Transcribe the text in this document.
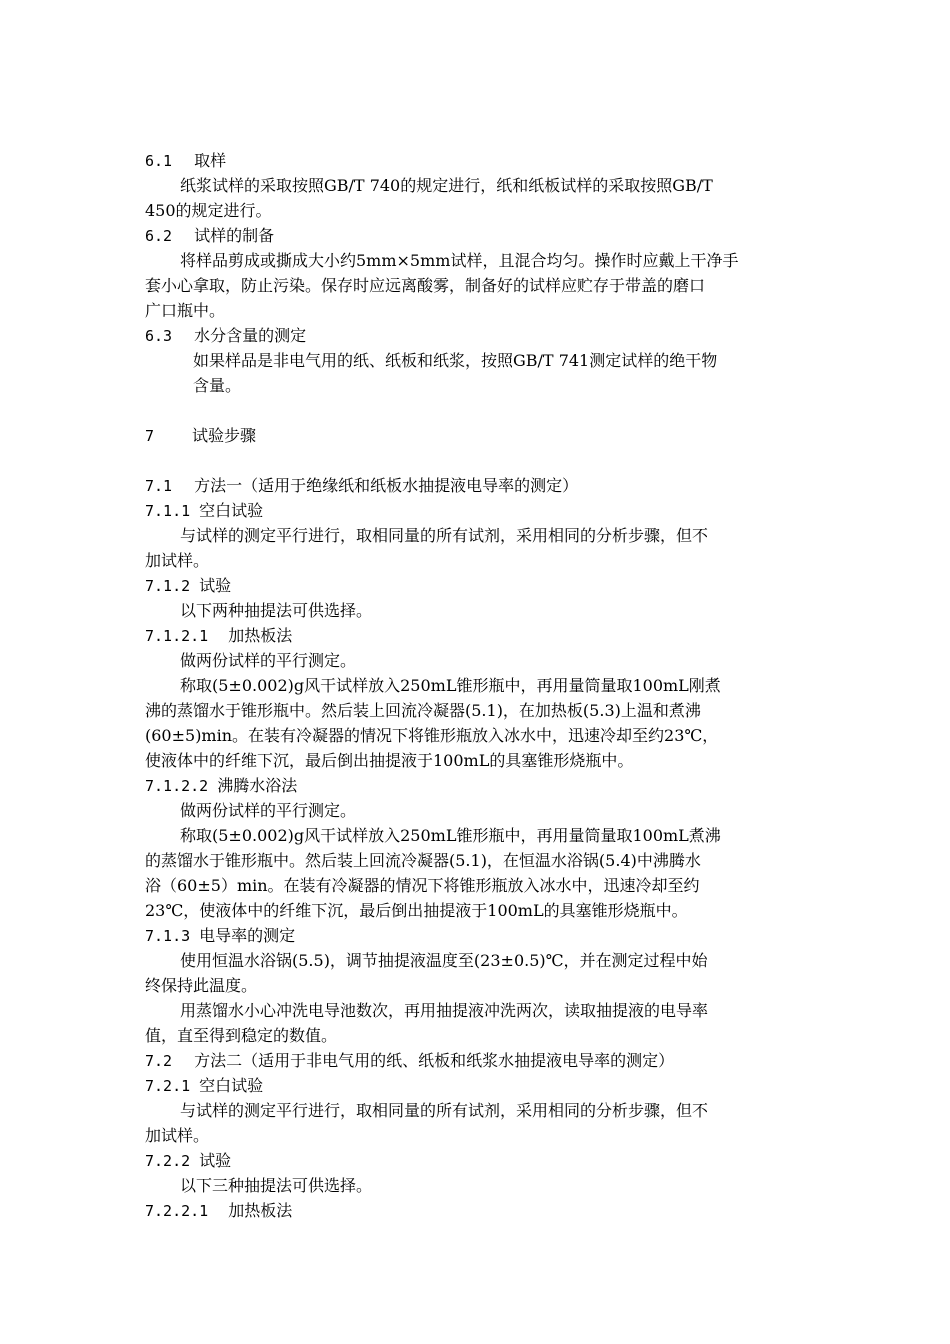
6.1 取样
纸浆试样的采取按照GB/T 740的规定进行，纸和纸板试样的采取按照GB/T
450的规定进行。
6.2 试样的制备
将样品剪成或撕成大小约5mm×5mm试样，且混合均匀。操作时应戴上干净手
套小心拿取，防止污染。保存时应远离酸雾，制备好的试样应贮存于带盖的磨口
广口瓶中。
6.3 水分含量的测定
如果样品是非电气用的纸、纸板和纸浆，按照GB/T 741测定试样的绝干物
含量。
7 试验步骤
7.1 方法一（适用于绝缘纸和纸板水抽提液电导率的测定）
7.1.1 空白试验
与试样的测定平行进行，取相同量的所有试剂，采用相同的分析步骤，但不
加试样。
7.1.2 试验
以下两种抽提法可供选择。
7.1.2.1 加热板法
做两份试样的平行测定。
称取(5±0.002)g风干试样放入250mL锥形瓶中，再用量筒量取100mL刚煮
沸的蒸馏水于锥形瓶中。然后装上回流冷凝器(5.1)，在加热板(5.3)上温和煮沸
(60±5)min。在装有冷凝器的情况下将锥形瓶放入冰水中，迅速冷却至约23℃，
使液体中的纤维下沉，最后倒出抽提液于100mL的具塞锥形烧瓶中。
7.1.2.2 沸腾水浴法
做两份试样的平行测定。
称取(5±0.002)g风干试样放入250mL锥形瓶中，再用量筒量取100mL煮沸
的蒸馏水于锥形瓶中。然后装上回流冷凝器(5.1)，在恒温水浴锅(5.4)中沸腾水
浴（60±5）min。在装有冷凝器的情况下将锥形瓶放入冰水中，迅速冷却至约
23℃，使液体中的纤维下沉，最后倒出抽提液于100mL的具塞锥形烧瓶中。
7.1.3 电导率的测定
使用恒温水浴锅(5.5)，调节抽提液温度至(23±0.5)℃，并在测定过程中始
终保持此温度。
用蒸馏水小心冲洗电导池数次，再用抽提液冲洗两次，读取抽提液的电导率
值，直至得到稳定的数值。
7.2 方法二（适用于非电气用的纸、纸板和纸浆水抽提液电导率的测定）
7.2.1 空白试验
与试样的测定平行进行，取相同量的所有试剂，采用相同的分析步骤，但不
加试样。
7.2.2 试验
以下三种抽提法可供选择。
7.2.2.1 加热板法
